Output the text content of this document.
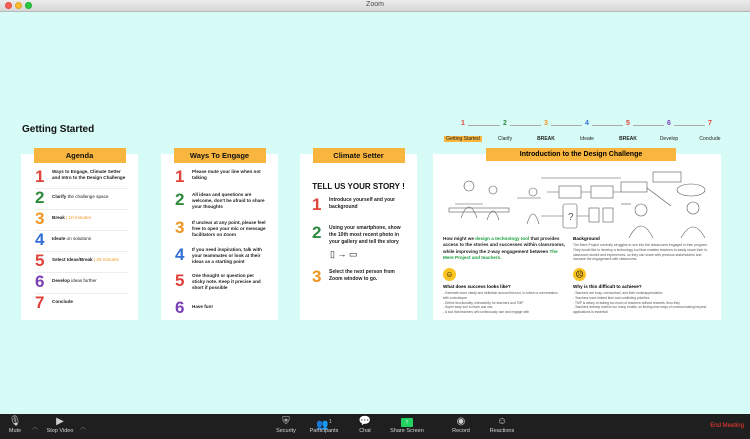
Zoom
Getting Started
1
Getting Started
2
Clarify
3
BREAK
4
Ideate
5
BREAK
6
Develop
7
Conclude
Agenda
1	Ways to Engage, Climate Setter and Intro to the Design Challenge
2	Clarify the challenge space
3	Break | 10 minutes
4	Ideate on solutions
5	Select Ideas/Break | 20 minutes
6	Develop ideas further
7	Conclude
Ways To Engage
1	Please mute your line when not talking
2	All ideas and questions are welcome, don't be afraid to share your thoughts
3	If unclear at any point, please feel free to open your mic or message facilitators on Zoom
4	If you need inspiration, talk with your teammates or look at their ideas as a starting point
5	One thought or question per sticky note. Keep it precise and short if possible
6	Have fun!
Climate Setter
TELL US YOUR STORY !
1	Introduce yourself and your background
2	Using your smartphone, show the 10th most recent photo in your gallery and tell the story
▯ → ▭
3	Select the next person from Zoom window to go.
Introduction to the Design Challenge
?
How might we design a technology tool that provides access to the stories and successes within classrooms, while improving the 2-way engagement between The Mere Project and teachers.
Background
The Mere Project currently struggles to see into the classrooms engaged in their program. They would like to develop a technology tool that enables teachers to easily share their in-classroom stories and experiences, so they can share with previous stakeholders and increase the engagement with classrooms.
☺
What does success looks like?
- Generate more clarity and definition around this tool, to inform a conversation with a developer
- Define functionality, interactivity for teachers and TMP
- Super easy tool to learn and use
- A tool that teachers will continuously use and engage with
☹
Why is this difficult to achieve?
- Teachers are busy, overworked, and their underappreciation
- Teachers have limited time and conflicting priorities
- TMP is weary of asking too much of teachers without rewards, thus they
- Teachers already receive too many emails, so finding new ways of communicating beyond applications is essential
🎙
Mute	︿
▶
Stop Video	︿
⛨
Security
👥$^1$
Participants
💬
Chat
↑
Share Screen
◉
Record
☺
Reactions
End Meeting
